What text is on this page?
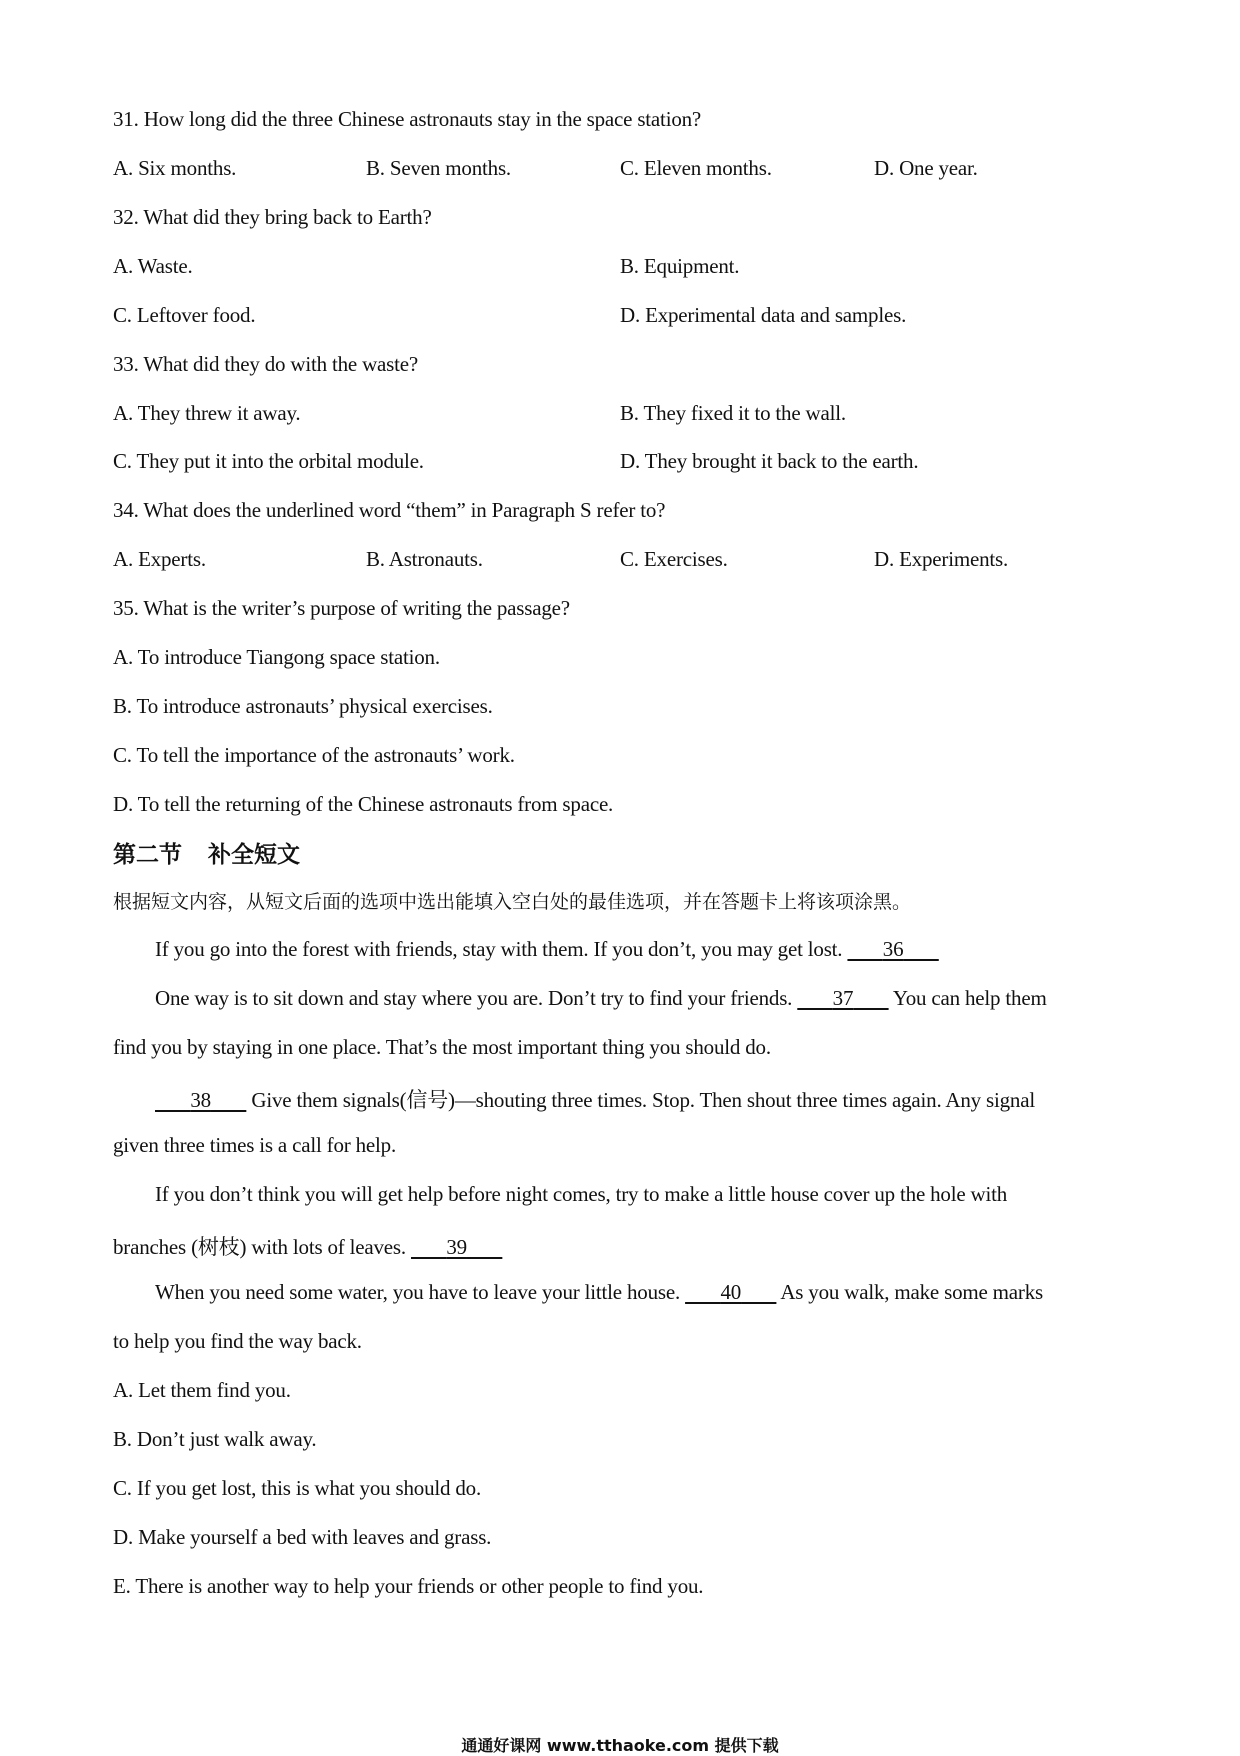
31. How long did the three Chinese astronauts stay in the space station?
A. Six months.	B. Seven months.	C. Eleven months.	D. One year.
32. What did they bring back to Earth?
A. Waste.	B. Equipment.
C. Leftover food.	D. Experimental data and samples.
33. What did they do with the waste?
A. They threw it away.	B. They fixed it to the wall.
C. They put it into the orbital module.	D. They brought it back to the earth.
34. What does the underlined word “them” in Paragraph S refer to?
A. Experts.	B. Astronauts.	C. Exercises.	D. Experiments.
35. What is the writer’s purpose of writing the passage?
A. To introduce Tiangong space station.
B. To introduce astronauts’ physical exercises.
C. To tell the importance of the astronauts’ work.
D. To tell the returning of the Chinese astronauts from space.
第二节 补全短文
根据短文内容，从短文后面的选项中选出能填入空白处的最佳选项，并在答题卡上将该项涂黑。
If you go into the forest with friends, stay with them. If you don’t, you may get lost. 36
One way is to sit down and stay where you are. Don’t try to find your friends. 37 You can help them
find you by staying in one place. That’s the most important thing you should do.
38 Give them signals(信号)—shouting three times. Stop. Then shout three times again. Any signal
given three times is a call for help.
If you don’t think you will get help before night comes, try to make a little house cover up the hole with
branches (树枝) with lots of leaves. 39
When you need some water, you have to leave your little house. 40 As you walk, make some marks
to help you find the way back.
A. Let them find you.
B. Don’t just walk away.
C. If you get lost, this is what you should do.
D. Make yourself a bed with leaves and grass.
E. There is another way to help your friends or other people to find you.
通通好课网 www.tthaoke.com 提供下载
